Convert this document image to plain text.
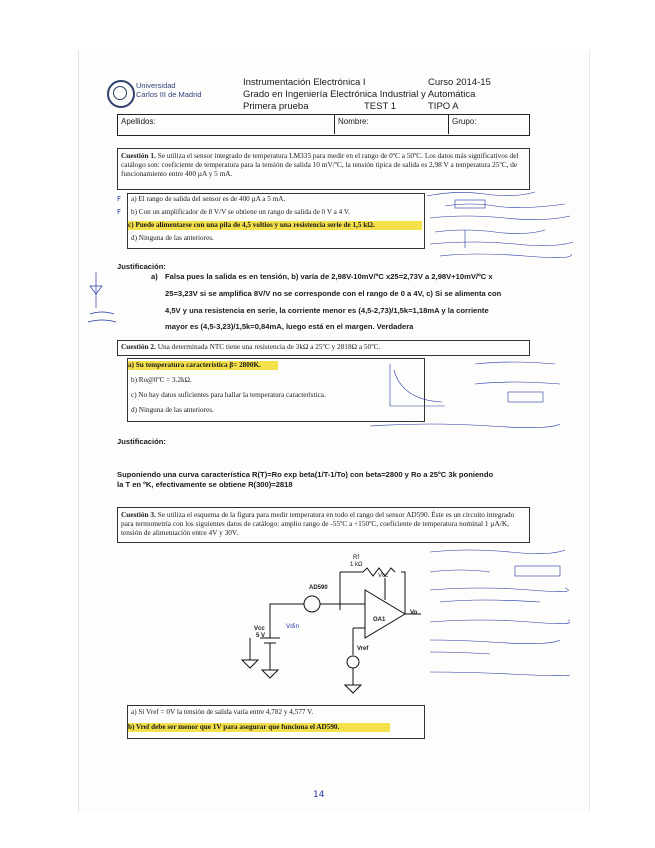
Universidad
Carlos III de Madrid
Instrumentación Electrónica I	Curso 2014-15
Grado en Ingeniería Electrónica Industrial y Automática
Primera prueba	TEST 1	TIPO A
Apellidos:	Nombre:	Grupo:
Cuestión 1. Se utiliza el sensor integrado de temperatura LM335 para medir en el rango de 0ºC a 50ºC. Los datos más significativos del catálogo son: coeficiente de temperatura para la tensión de salida 10 mV/ºC, la tensión típica de salida es 2,98 V a temperatura 25ºC, de funcionamiento entre 400 µA y 5 mA.
a) El rango de salida del sensor es de 400 µA a 5 mA.
b) Con un amplificador de 8 V/V se obtiene un rango de salida de 0 V a 4 V.
c) Puede alimentarse con una pila de 4,5 voltios y una resistencia serie de 1,5 kΩ.
d) Ninguna de las anteriores.
F
F
Justificación:
a) Falsa pues la salida es en tensión, b) varía de 2,98V-10mV/ºC x25=2,73V a 2,98V+10mV/ºC x
25=3,23V si se amplifica 8V/V no se corresponde con el rango de 0 a 4V, c) Si se alimenta con
4,5V y una resistencia en serie, la corriente menor es (4,5-2,73)/1,5k=1,18mA y la corriente
mayor es (4,5-3,23)/1,5k=0,84mA, luego está en el margen. Verdadera
Cuestión 2. Una determinada NTC tiene una resistencia de 3kΩ a 25ºC y 2818Ω a 50ºC.
a) Su temperatura característica β= 2800K.
b) Ro@0ºC = 3.2kΩ.
c) No hay datos suficientes para hallar la temperatura característica.
d) Ninguna de las anteriores.
Justificación:
Suponiendo una curva característica R(T)=Ro exp beta(1/T-1/To) con beta=2800 y Ro a 25ºC 3k poniendo
la T en ºK, efectivamente se obtiene R(300)=2818
Cuestión 3. Se utiliza el esquema de la figura para medir temperatura en todo el rango del sensor AD590. Éste es un circuito integrado para termometría con los siguientes datos de catálogo: amplio rango de -55ºC a +150ºC, coeficiente de temperatura nominal 1 µA/K, tensión de alimentación entre 4V y 30V.
Rf
1 kΩ
Vcc
AD590
OA1
Vo
Vcc
5 V
Vref
Vdin
a) Si Vref = 0V la tensión de salida varía entre 4,782 y 4,577 V.
b) Vref debe ser menor que 1V para asegurar que funciona el AD590.
14
